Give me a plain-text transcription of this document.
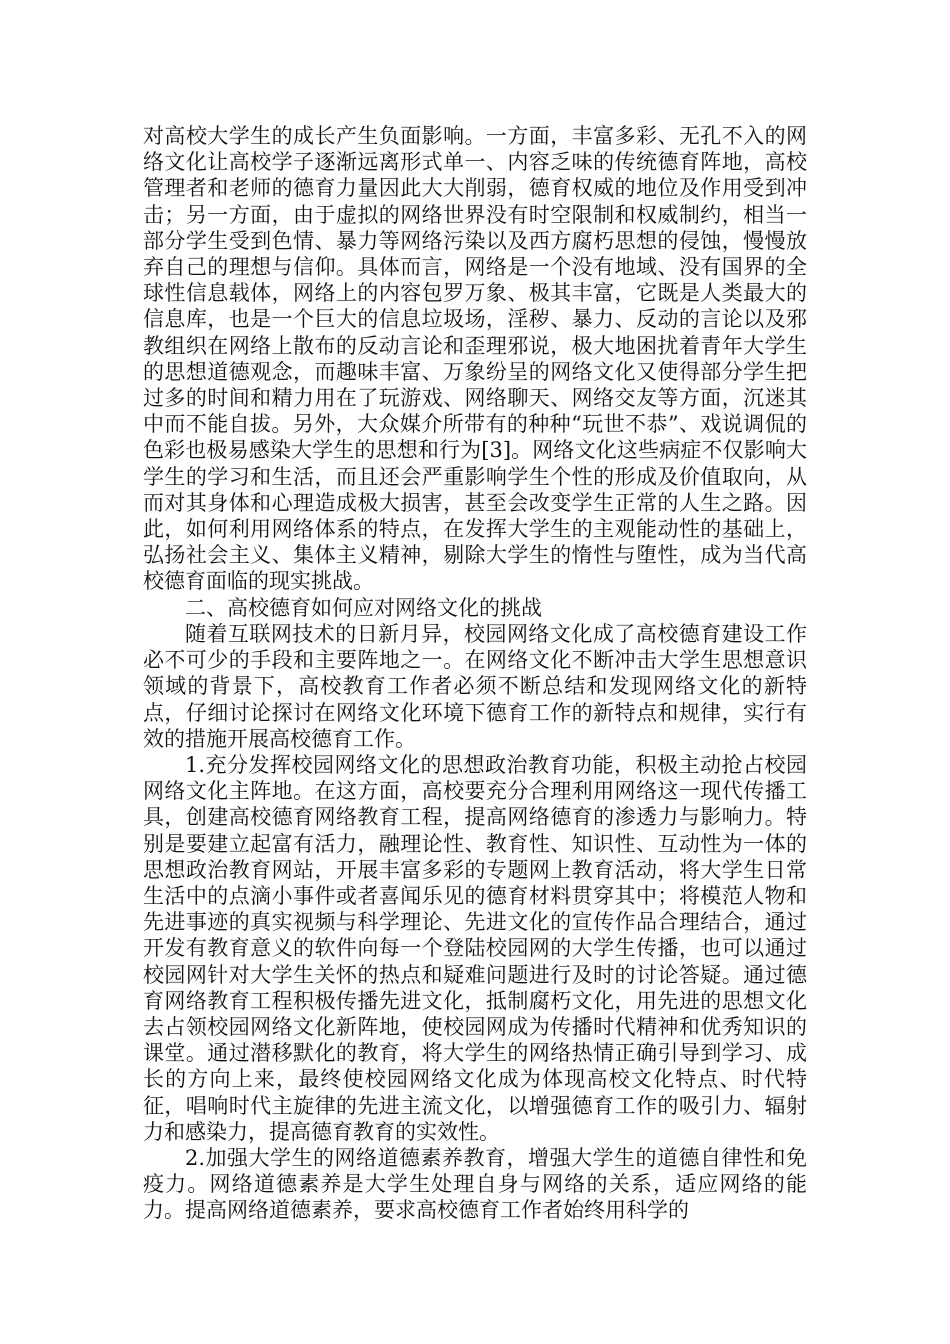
对高校大学生的成长产生负面影响。一方面，丰富多彩、无孔不入的网络文化让高校学子逐渐远离形式单一、内容乏味的传统德育阵地，高校管理者和老师的德育力量因此大大削弱，德育权威的地位及作用受到冲击；另一方面，由于虚拟的网络世界没有时空限制和权威制约，相当一部分学生受到色情、暴力等网络污染以及西方腐朽思想的侵蚀，慢慢放弃自己的理想与信仰。具体而言，网络是一个没有地域、没有国界的全球性信息载体，网络上的内容包罗万象、极其丰富，它既是人类最大的信息库，也是一个巨大的信息垃圾场，淫秽、暴力、反动的言论以及邪教组织在网络上散布的反动言论和歪理邪说，极大地困扰着青年大学生的思想道德观念，而趣味丰富、万象纷呈的网络文化又使得部分学生把过多的时间和精力用在了玩游戏、网络聊天、网络交友等方面，沉迷其中而不能自拔。另外，大众媒介所带有的种种“玩世不恭”、戏说调侃的色彩也极易感染大学生的思想和行为[3]。网络文化这些病症不仅影响大学生的学习和生活，而且还会严重影响学生个性的形成及价值取向，从而对其身体和心理造成极大损害，甚至会改变学生正常的人生之路。因此，如何利用网络体系的特点，在发挥大学生的主观能动性的基础上，弘扬社会主义、集体主义精神，剔除大学生的惰性与堕性，成为当代高校德育面临的现实挑战。

二、高校德育如何应对网络文化的挑战

随着互联网技术的日新月异，校园网络文化成了高校德育建设工作必不可少的手段和主要阵地之一。在网络文化不断冲击大学生思想意识领域的背景下，高校教育工作者必须不断总结和发现网络文化的新特点，仔细讨论探讨在网络文化环境下德育工作的新特点和规律，实行有效的措施开展高校德育工作。

1.充分发挥校园网络文化的思想政治教育功能，积极主动抢占校园网络文化主阵地。在这方面，高校要充分合理利用网络这一现代传播工具，创建高校德育网络教育工程，提高网络德育的渗透力与影响力。特别是要建立起富有活力，融理论性、教育性、知识性、互动性为一体的思想政治教育网站，开展丰富多彩的专题网上教育活动，将大学生日常生活中的点滴小事件或者喜闻乐见的德育材料贯穿其中；将模范人物和先进事迹的真实视频与科学理论、先进文化的宣传作品合理结合，通过开发有教育意义的软件向每一个登陆校园网的大学生传播，也可以通过校园网针对大学生关怀的热点和疑难问题进行及时的讨论答疑。通过德育网络教育工程积极传播先进文化，抵制腐朽文化，用先进的思想文化去占领校园网络文化新阵地，使校园网成为传播时代精神和优秀知识的课堂。通过潜移默化的教育，将大学生的网络热情正确引导到学习、成长的方向上来，最终使校园网络文化成为体现高校文化特点、时代特征，唱响时代主旋律的先进主流文化，以增强德育工作的吸引力、辐射力和感染力，提高德育教育的实效性。

2.加强大学生的网络道德素养教育，增强大学生的道德自律性和免疫力。网络道德素养是大学生处理自身与网络的关系，适应网络的能力。提高网络道德素养，要求高校德育工作者始终用科学的
